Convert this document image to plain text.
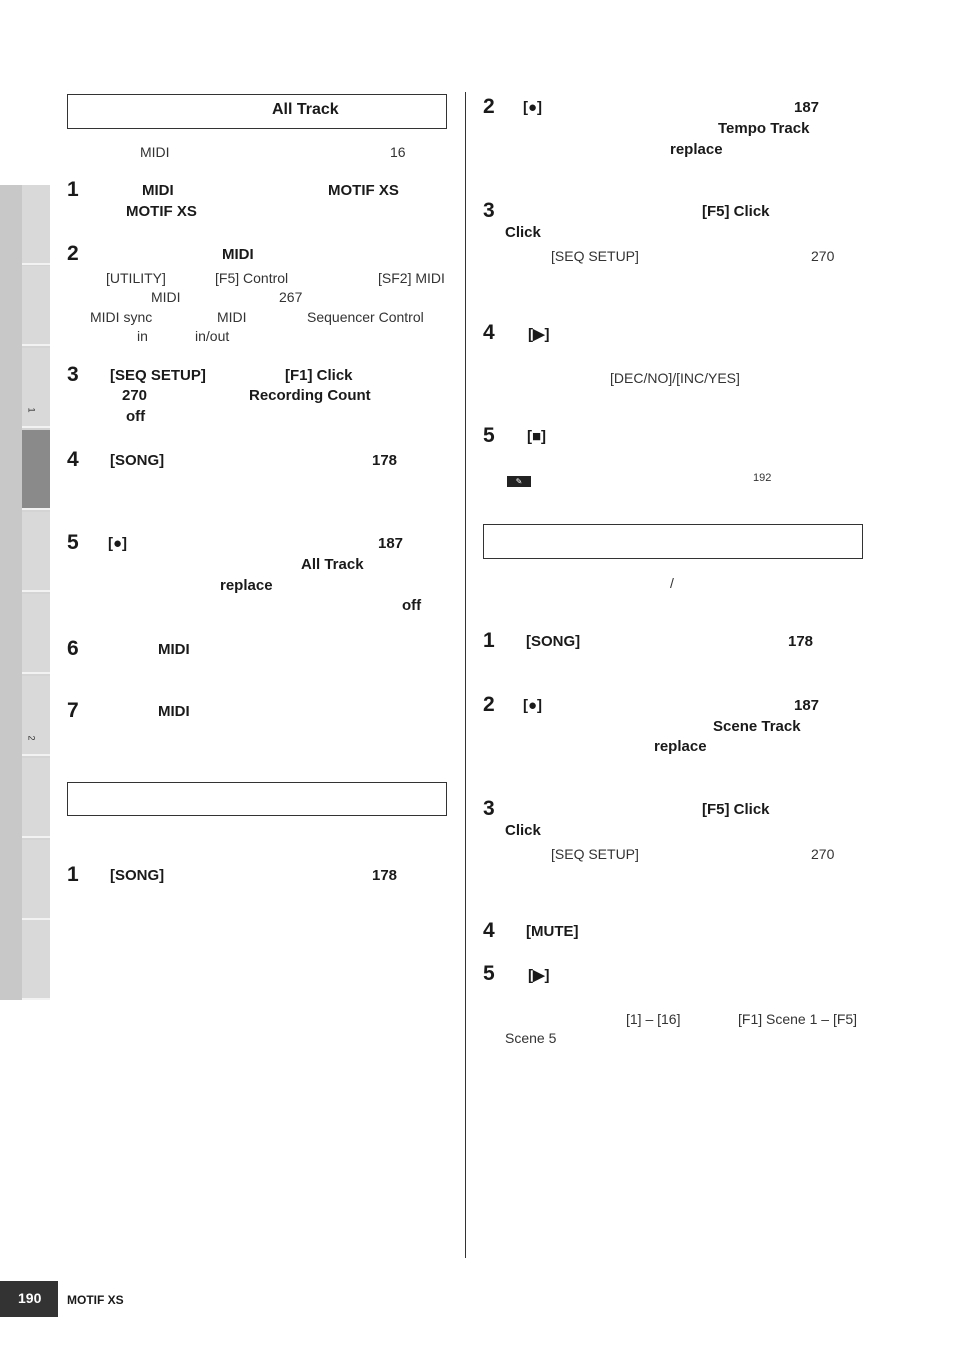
1
2
All Track
MIDI	16
1	MIDI	MOTIF XS
MOTIF XS
2	MIDI
[UTILITY]	[F5] Control	[SF2] MIDI
MIDI	267
MIDI sync	MIDI	Sequencer Control
in	in/out
3 [SEQ SETUP]	[F1] Click
270	Recording Count
off
4 [SONG]	178
5 [●]	187
All Track
replace
off
6	MIDI
7	MIDI
1 [SONG]	178
2 [●]	187
Tempo Track
replace
3	[F5] Click
Click
[SEQ SETUP]	270
4 [▶]
[DEC/NO]/[INC/YES]
5 [■]
✎	192
/
1 [SONG]	178
2 [●]	187
Scene Track
replace
3	[F5] Click
Click
[SEQ SETUP]	270
4 [MUTE]
5 [▶]
[1] – [16]	[F1] Scene 1 – [F5]
Scene 5
190 MOTIF XS
